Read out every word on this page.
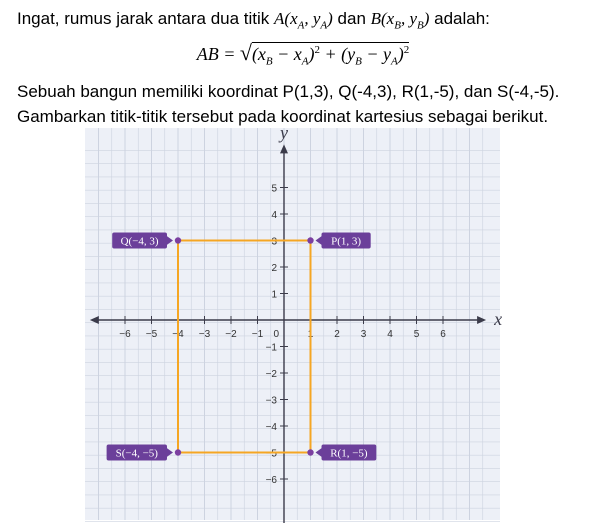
Ingat, rumus jarak antara dua titik $A(x_A$, $y_A$) dan $B(x_B$, $y_B$) adalah:
AB = $√(x_B - x_A)^2 + (y_B - y_A)^2$
Sebuah bangun memiliki koordinat P(1,3), Q(-4,3), R(1,-5), dan S(-4,-5).
Gambarkan titik-titik tersebut pada koordinat kartesius sebagai berikut.
x
y
−6 −5 −4 −3 −2 −1	1 2 3 4 5 6
−6
−5
−4
−3
−2
−1
1
2
3
4
5
0
P(1, 3)
Q(−4, 3)
R(1, −5)
S(−4, −5)
